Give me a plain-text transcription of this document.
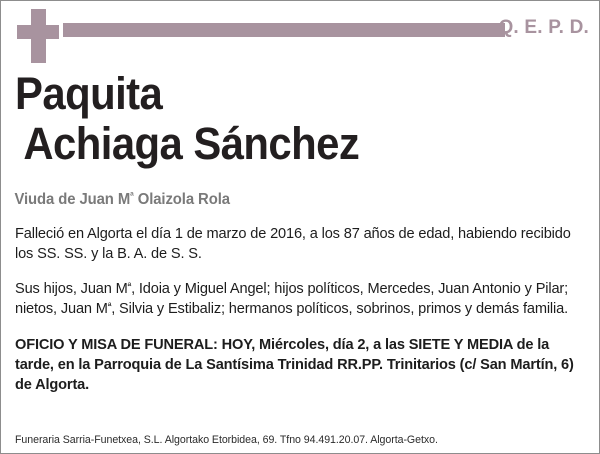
Q. E. P. D.
Paquita
Achiaga Sánchez
Viuda de Juan $M^ª$ Olaizola Rola
Falleció en Algorta el día 1 de marzo de 2016, a los 87 años de edad, habiendo recibido los SS. SS. y la B. A. de S. S.
Sus hijos, Juan $M^ª$, Idoia y Miguel Angel; hijos políticos, Mercedes, Juan Antonio y Pilar; nietos, Juan $M^ª$, Silvia y Estibaliz; hermanos políticos, sobrinos, primos y demás familia.
OFICIO Y MISA DE FUNERAL: HOY, Miércoles, día 2, a las SIETE Y MEDIA de la tarde, en la Parroquia de La Santísima Trinidad RR.PP. Trinitarios (c/ San Martín, 6) de Algorta.
Funeraria Sarria-Funetxea, S.L. Algortako Etorbidea, 69. Tfno 94.491.20.07. Algorta-Getxo.
